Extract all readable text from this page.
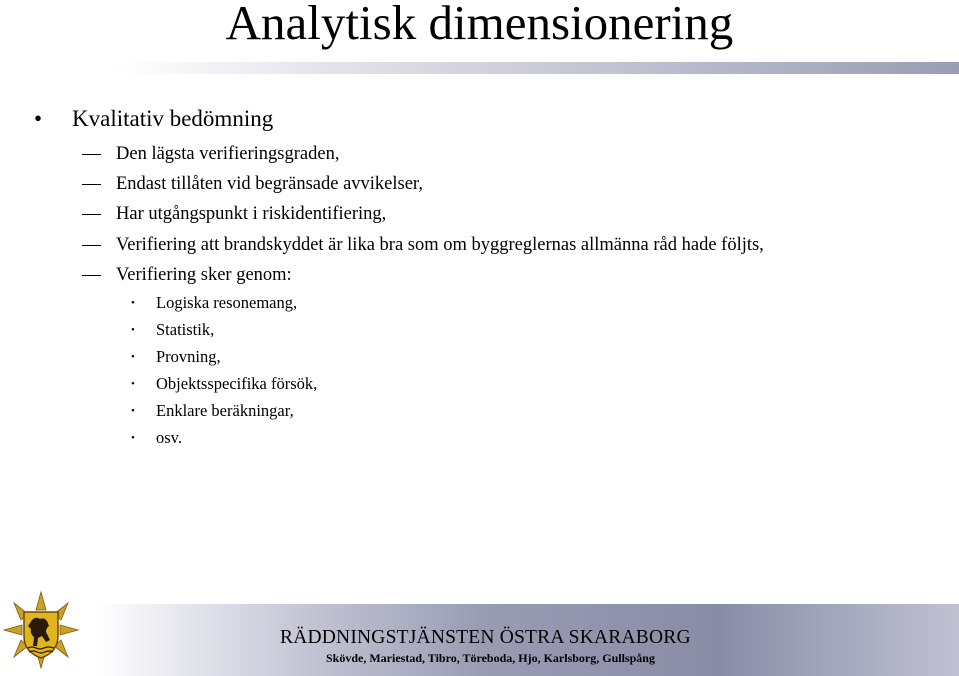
Analytisk dimensionering
• Kvalitativ bedömning
Den lägsta verifieringsgraden,
Endast tillåten vid begränsade avvikelser,
Har utgångspunkt i riskidentifiering,
Verifiering att brandskyddet är lika bra som om byggreglernas allmänna råd hade följts,
Verifiering sker genom:
• Logiska resonemang,
• Statistik,
• Provning,
• Objektsspecifika försök,
• Enklare beräkningar,
• osv.
RÄDDNINGSTJÄNSTEN ÖSTRA SKARABORG
Skövde, Mariestad, Tibro, Töreboda, Hjo, Karlsborg, Gullspång
